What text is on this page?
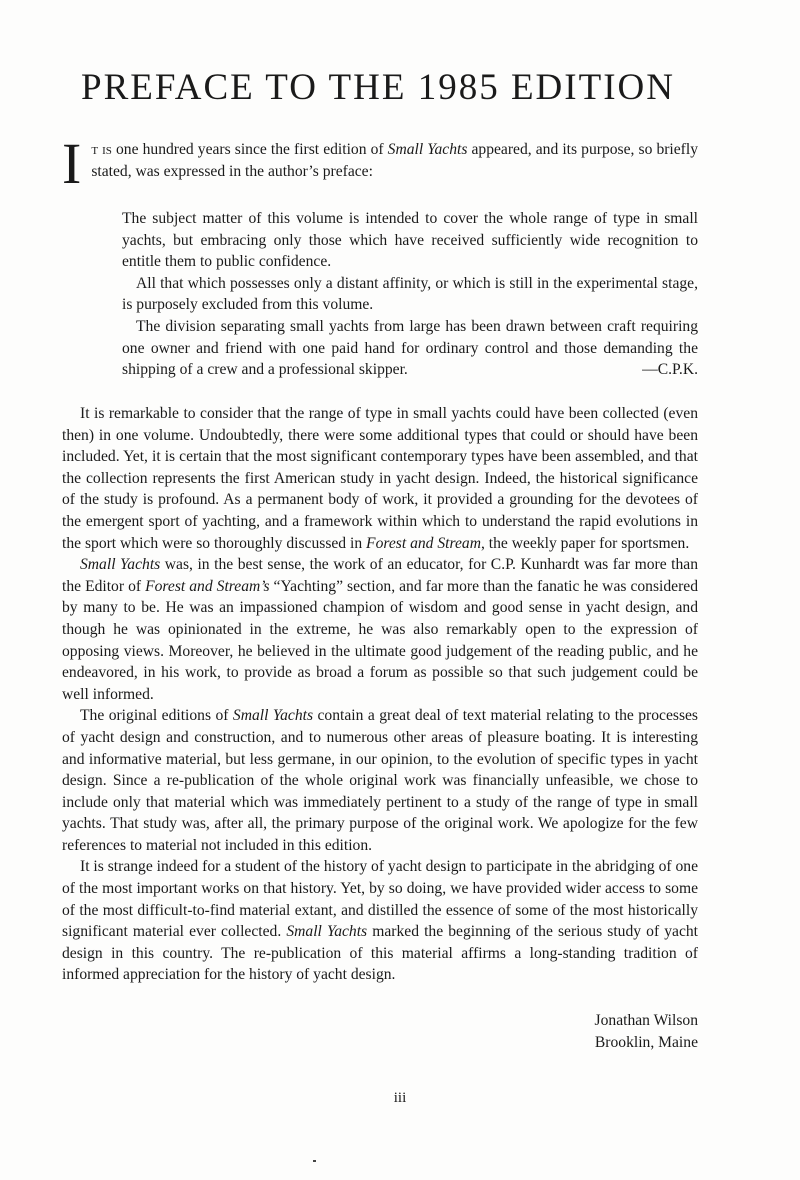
PREFACE TO THE 1985 EDITION

It is one hundred years since the first edition of Small Yachts appeared, and its purpose, so briefly stated, was expressed in the author’s preface:

The subject matter of this volume is intended to cover the whole range of type in small yachts, but embracing only those which have received sufficiently wide recognition to entitle them to public confidence.

All that which possesses only a distant affinity, or which is still in the experimental stage, is purposely excluded from this volume.

The division separating small yachts from large has been drawn between craft requiring one owner and friend with one paid hand for ordinary control and those demanding the shipping of a crew and a professional skipper.	—C.P.K.

It is remarkable to consider that the range of type in small yachts could have been collected (even then) in one volume. Undoubtedly, there were some additional types that could or should have been included. Yet, it is certain that the most significant contemporary types have been assembled, and that the collection represents the first American study in yacht design. Indeed, the historical significance of the study is profound. As a permanent body of work, it provided a grounding for the devotees of the emergent sport of yachting, and a framework within which to understand the rapid evolutions in the sport which were so thoroughly discussed in Forest and Stream, the weekly paper for sportsmen.

Small Yachts was, in the best sense, the work of an educator, for C.P. Kunhardt was far more than the Editor of Forest and Stream’s “Yachting” section, and far more than the fanatic he was considered by many to be. He was an impassioned champion of wisdom and good sense in yacht design, and though he was opinionated in the extreme, he was also remarkably open to the expression of opposing views. Moreover, he believed in the ultimate good judgement of the reading public, and he endeavored, in his work, to provide as broad a forum as possible so that such judgement could be well informed.

The original editions of Small Yachts contain a great deal of text material relating to the processes of yacht design and construction, and to numerous other areas of pleasure boating. It is interesting and informative material, but less germane, in our opinion, to the evolution of specific types in yacht design. Since a re-publication of the whole original work was financially unfeasible, we chose to include only that material which was immediately pertinent to a study of the range of type in small yachts. That study was, after all, the primary purpose of the original work. We apologize for the few references to material not included in this edition.

It is strange indeed for a student of the history of yacht design to participate in the abridging of one of the most important works on that history. Yet, by so doing, we have provided wider access to some of the most difficult-to-find material extant, and distilled the essence of some of the most historically significant material ever collected. Small Yachts marked the beginning of the serious study of yacht design in this country. The re-publication of this material affirms a long-standing tradition of informed appreciation for the history of yacht design.

Jonathan Wilson
Brooklin, Maine
iii
